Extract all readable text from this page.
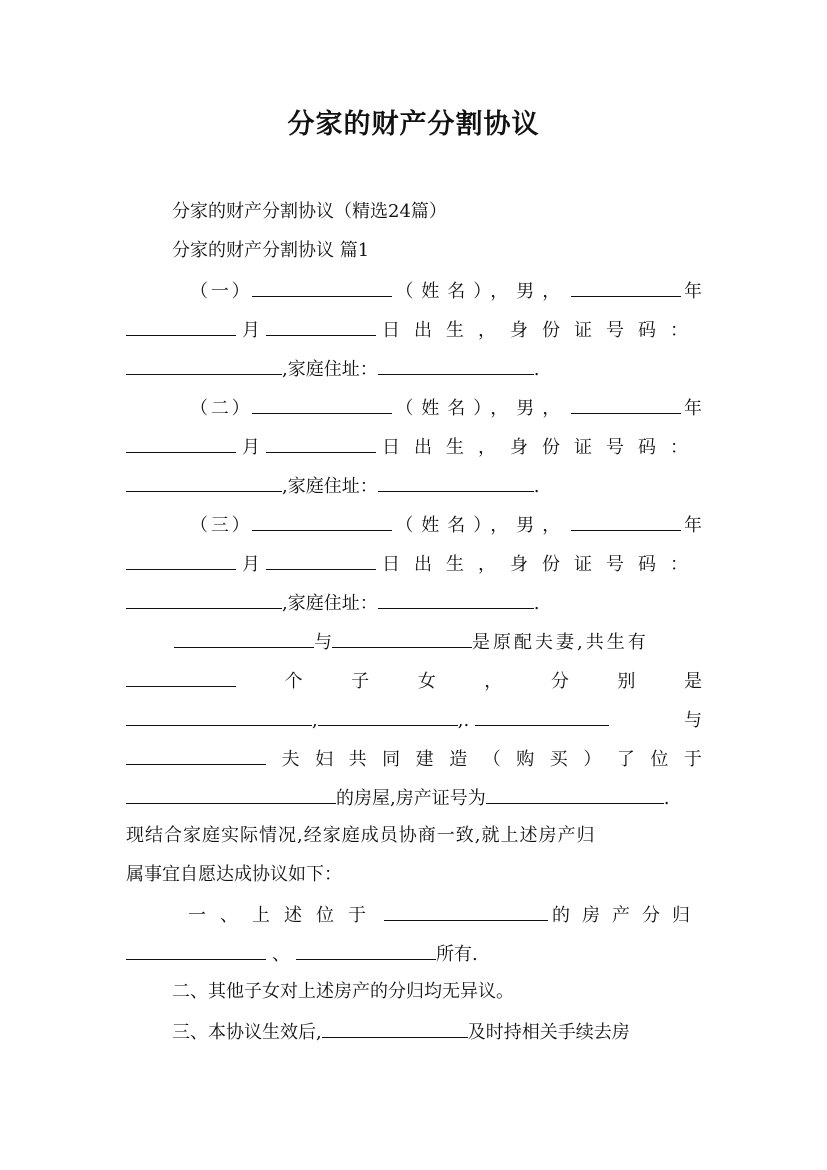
分家的财产分割协议
分家的财产分割协议（精选24篇）
分家的财产分割协议 篇1
（ 一 ）	（姓名），男，	年
月	日出生，身份证号码：
,家庭住址：	.
（ 二 ）	（姓名），男，	年
月	日出生，身份证号码：
,家庭住址：	.
（ 三 ）	（姓名），男，	年
月	日出生，身份证号码：
,家庭住址：	.
与	是原配夫妻,共生有
个	子	女	，	分	别	是
,	,.	与
夫 妇 共 同 建 造 （ 购 买 ） 了 位 于
的房屋,房产证号为	.
现结合家庭实际情况,经家庭成员协商一致,就上述房产归
属事宜自愿达成协议如下：
一、上述位于	的房产分归
、	所有.
二、其他子女对上述房产的分归均无异议。
三、本协议生效后,	及时持相关手续去房
